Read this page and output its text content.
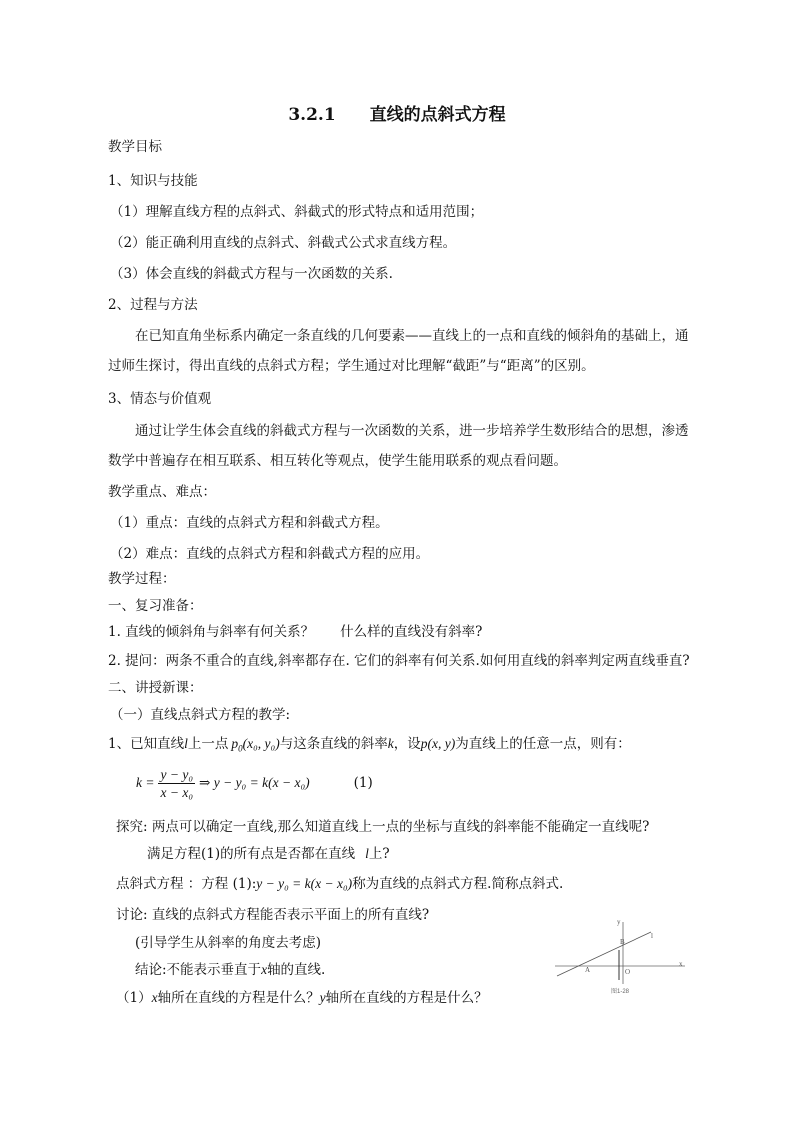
3.2.1 直线的点斜式方程
教学目标
1、知识与技能
（1）理解直线方程的点斜式、斜截式的形式特点和适用范围；
（2）能正确利用直线的点斜式、斜截式公式求直线方程。
（3）体会直线的斜截式方程与一次函数的关系.
2、过程与方法
在已知直角坐标系内确定一条直线的几何要素——直线上的一点和直线的倾斜角的基础上，通
过师生探讨，得出直线的点斜式方程；学生通过对比理解“截距”与“距离”的区别。
3、情态与价值观
通过让学生体会直线的斜截式方程与一次函数的关系，进一步培养学生数形结合的思想，渗透
数学中普遍存在相互联系、相互转化等观点，使学生能用联系的观点看问题。
教学重点、难点：
（1）重点：直线的点斜式方程和斜截式方程。
（2）难点：直线的点斜式方程和斜截式方程的应用。
教学过程：
一、复习准备：
1. 直线的倾斜角与斜率有何关系？ 什么样的直线没有斜率?
2. 提问：两条不重合的直线,斜率都存在. 它们的斜率有何关系.如何用直线的斜率判定两直线垂直?
二、讲授新课：
（一）直线点斜式方程的教学:
1、已知直线l上一点 $p_0(x_0$, y₀)与这条直线的斜率k，设p(x, y)为直线上的任意一点，则有：
$k = \frac{\text{y − y₀}}{\text{x − x₀}}$ ⇒ y − y₀ = k(x − x₀)	(1)
探究: 两点可以确定一直线,那么知道直线上一点的坐标与直线的斜率能不能确定一直线呢?
满足方程(1)的所有点是否都在直线 l上?
点斜式方程 ：方程 (1):y − y₀ = k(x − x₀)称为直线的点斜式方程.简称点斜式.
讨论: 直线的点斜式方程能否表示平面上的所有直线?
(引导学生从斜率的角度去考虑)
结论:不能表示垂直于x轴的直线.
（1）x轴所在直线的方程是什么？y轴所在直线的方程是什么？
y
x
l
A
B
O
图1-28
